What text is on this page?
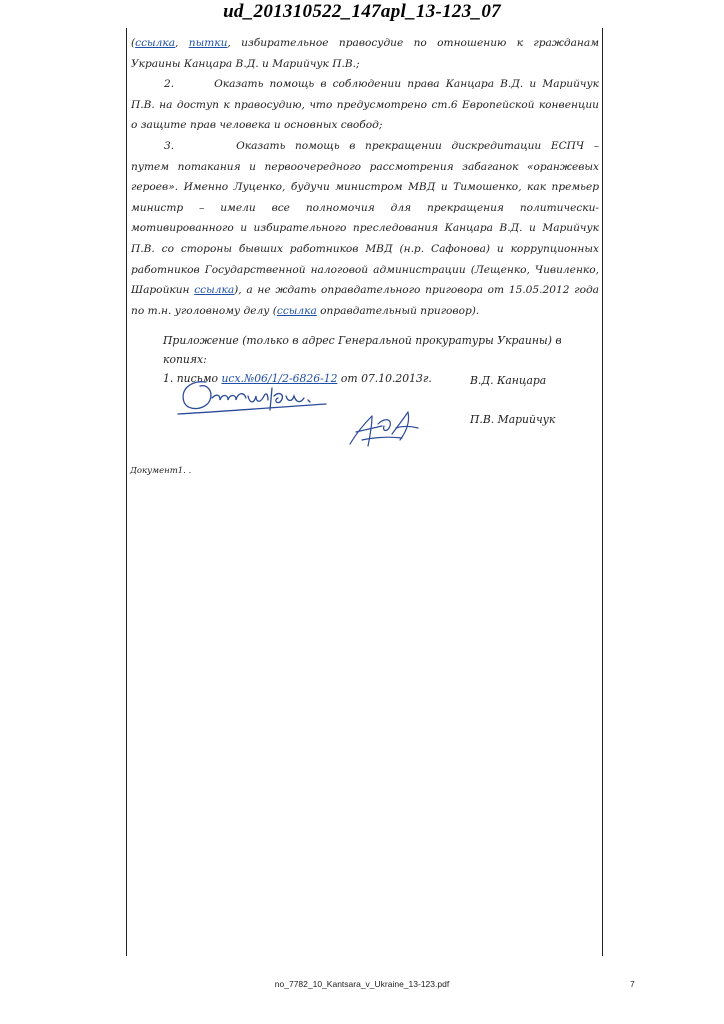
ud_201310522_147apl_13-123_07

(ссылка, пытки, избирательное правосудие по отношению к гражданам Украины Канцара В.Д. и Марийчук П.В.;

2.	Оказать помощь в соблюдении права Канцара В.Д. и Марийчук П.В. на доступ к правосудию, что предусмотрено ст.6 Европейской конвенции о защите прав человека и основных свобод;

3.	Оказать помощь в прекращении дискредитации ЕСПЧ – путем потакания и первоочередного рассмотрения забаганок «оранжевых героев». Именно Луценко, будучи министром МВД и Тимошенко, как премьер министр – имели все полномочия для прекращения политически-мотивированного и избирательного преследования Канцара В.Д. и Марийчук П.В. со стороны бывших работников МВД (н.р. Сафонова) и коррупционных работников Государственной налоговой администрации (Лещенко, Чивиленко, Шаройкин ссылка), а не ждать оправдательного приговора от 15.05.2012 года по т.н. уголовному делу (ссылка оправдательный приговор).

Приложение (только в адрес Генеральной прокуратуры Украины) в копиях:
1. письмо исх.№06/1/2-6826-12 от 07.10.2013г.	В.Д. Канцара
П.В. Марийчук
Документ1. .
no_7782_10_Kantsara_v_Ukraine_13-123.pdf	7
